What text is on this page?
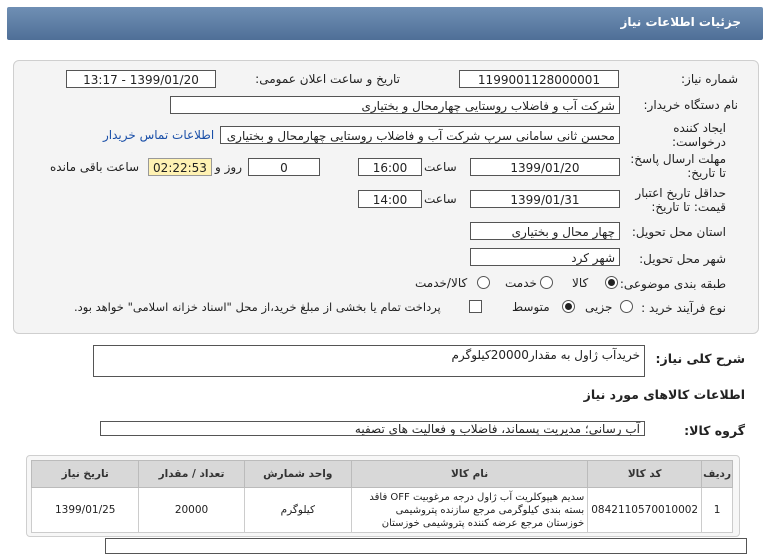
جزئیات اطلاعات نیاز
شماره نیاز:
1199001128000001
تاریخ و ساعت اعلان عمومی:
1399/01/20 - 13:17
نام دستگاه خریدار:
شرکت آب و فاضلاب روستایی چهارمحال و بختیاری
ایجاد کننده
درخواست:
محسن ثانی سامانی سرپ شرکت آب و فاضلاب روستایی چهارمحال و بختیاری
اطلاعات تماس خریدار
مهلت ارسال پاسخ:
تا تاریخ:
1399/01/20
ساعت
16:00
0
روز و
02:22:53
ساعت باقی مانده
حداقل تاریخ اعتبار
قیمت: تا تاریخ:
1399/01/31
ساعت
14:00
استان محل تحویل:
چهار محال و بختیاری
شهر محل تحویل:
شهر کرد
طبقه بندی موضوعی:
کالا
خدمت
کالا/خدمت
نوع فرآیند خرید :
جزیی
متوسط
پرداخت تمام یا بخشی از مبلغ خرید،از محل "اسناد خزانه اسلامی" خواهد بود.
شرح کلی نیاز:
خریدآب ژاول به مقدار20000کیلوگرم
اطلاعات کالاهای مورد نیاز
گروه کالا:
آب رسانی؛ مدیریت پسماند، فاضلاب و فعالیت های تصفیه
ردیف	کد کالا	نام کالا	واحد شمارش	تعداد / مقدار	تاریخ نیاز
1	0842110570010002	سدیم هیپوکلریت آب ژاول درجه مرغوبیت OFF فاقد بسته بندی کیلوگرمی مرجع سازنده پتروشیمی خوزستان مرجع عرضه کننده پتروشیمی خوزستان	کیلوگرم	20000	1399/01/25
